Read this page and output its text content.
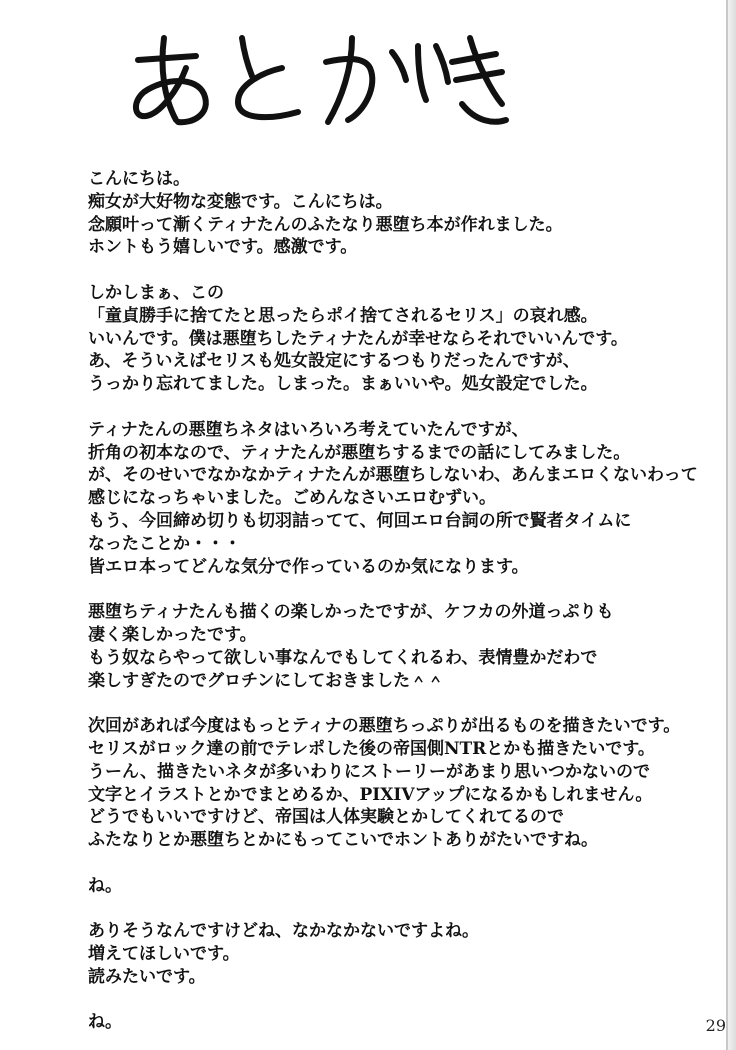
こんにちは。
痴女が大好物な変態です。こんにちは。
念願叶って漸くティナたんのふたなり悪堕ち本が作れました。
ホントもう嬉しいです。感激です。
しかしまぁ、この
「童貞勝手に捨てたと思ったらポイ捨てされるセリス」の哀れ感。
いいんです。僕は悪堕ちしたティナたんが幸せならそれでいいんです。
あ、そういえばセリスも処女設定にするつもりだったんですが、
うっかり忘れてました。しまった。まぁいいや。処女設定でした。
ティナたんの悪堕ちネタはいろいろ考えていたんですが、
折角の初本なので、ティナたんが悪堕ちするまでの話にしてみました。
が、そのせいでなかなかティナたんが悪堕ちしないわ、あんまエロくないわって
感じになっちゃいました。ごめんなさいエロむずい。
もう、今回締め切りも切羽詰ってて、何回エロ台詞の所で賢者タイムに
なったことか・・・
皆エロ本ってどんな気分で作っているのか気になります。
悪堕ちティナたんも描くの楽しかったですが、ケフカの外道っぷりも
凄く楽しかったです。
もう奴ならやって欲しい事なんでもしてくれるわ、表情豊かだわで
楽しすぎたのでグロチンにしておきました＾＾
次回があれば今度はもっとティナの悪堕ちっぷりが出るものを描きたいです。
セリスがロック達の前でテレポした後の帝国側NTRとかも描きたいです。
うーん、描きたいネタが多いわりにストーリーがあまり思いつかないので
文字とイラストとかでまとめるか、PIXIVアップになるかもしれません。
どうでもいいですけど、帝国は人体実験とかしてくれてるので
ふたなりとか悪堕ちとかにもってこいでホントありがたいですね。
ね。
ありそうなんですけどね、なかなかないですよね。
増えてほしいです。
読みたいです。
ね。	29
